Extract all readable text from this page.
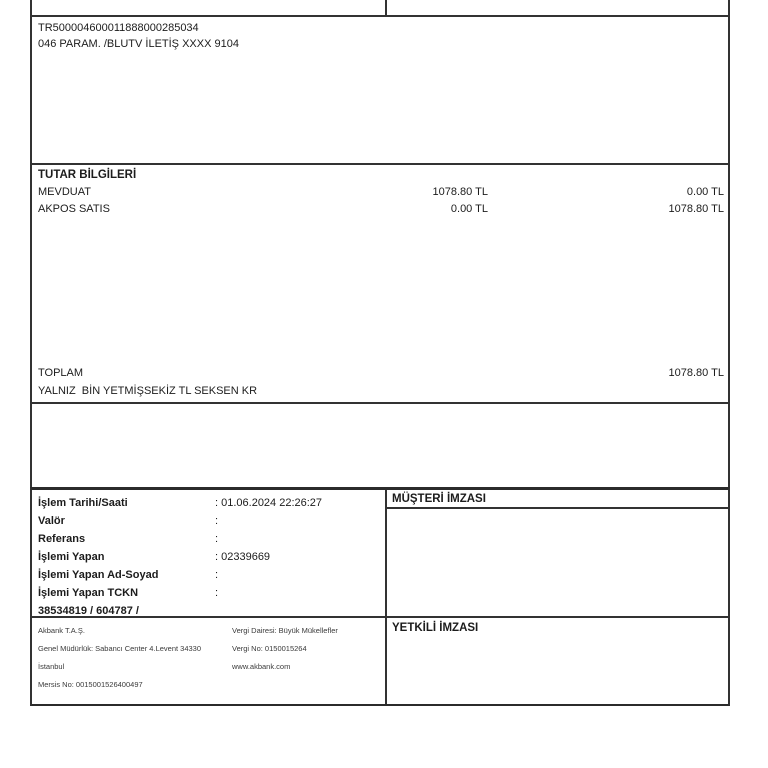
TR500004600011888000285034
046 PARAM. /BLUTV İLETİŞ XXXX 9104
TUTAR BİLGİLERİ
MEVDUAT	1078.80 TL	0.00 TL
AKPOS SATIS	0.00 TL	1078.80 TL
TOPLAM	1078.80 TL
YALNIZ  BİN YETMİŞSEKİZ TL SEKSEN KR
İşlem Tarihi/Saati	: 01.06.2024 22:26:27
Valör	:
Referans	:
İşlemi Yapan	: 02339669
İşlemi Yapan Ad-Soyad	:
İşlemi Yapan TCKN	:
38534819 / 604787 /
MÜŞTERİ İMZASI
Akbank T.A.Ş.
Genel Müdürlük: Sabancı Center 4.Levent 34330
İstanbul
Mersis No: 0015001526400497
Vergi Dairesi: Büyük Mükellefler
Vergi No: 0150015264
www.akbank.com
YETKİLİ İMZASI
